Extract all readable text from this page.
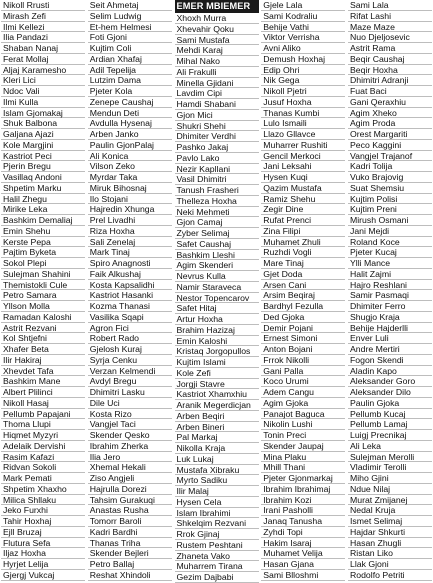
Nikoll Rrusti
Mirash Zefi
Ilmi Kellezi
Ilia Pandazi
Shaban Nanaj
Ferat Mollaj
Aljaj Karamesho
Kleri Lici
Ndoc Vali
Ilmi Kulla
Islam Gjomakaj
Shuk Balbona
Galjana Ajazi
Kole Margjini
Kastriot Peci
Pjerin Bregu
Vasillaq Andoni
Shpetim Marku
Halil Zhegu
Mirike Leka
Bashkim Demaliaj
Emin Shehu
Kerste Pepa
Pajtim Byketa
Sokol Plepi
Sulejman Shahini
Themistokli Cule
Petro Samara
Yllson Molla
Ramadan Kaloshi
Astrit Rezvani
Kol Shtjefni
Xhafer Beta
Ilir Hakiraj
Xhevdet Tafa
Bashkim Mane
Albert Plilinci
Nikoll Hasaj
Pellumb Papajani
Thoma Llupi
Hiqmet Myzyri
Adelaik Dervishi
Rasim Kafazi
Ridvan Sokoli
Mark Pemati
Shpetim Xhaxho
Milica Shllaku
Jeko Furxhi
Tahir Hoxhaj
Ejll Bruzaj
Flutura Sefa
Iljaz Hoxha
Hyrjet Lelija
Gjergj Vukcaj
Seit Ahmetaj
Selim Ludwig
Et-hem Helmesi
Foti Gjoni
Kujtim Coli
Ardian Xhafaj
Adil Tepelija
Lutzim Dama
Pjeter Kola
Zenepe Caushaj
Mendun Deti
Avdulla Hysenaj
Arben Janko
Paulin GjonPalaj
Ali Konica
Vilson Zeko
Myrdar Taka
Miruk Bihosnaj
Ilo Stojani
Hajredin Xhunga
Prel Livadhi
Riza Hoxha
Sali Zenelaj
Mark Tinaj
Spiro Anagnosti
Faik Alkushaj
Kosta Kapsalidhi
Kastriot Hasanki
Kozma Thanasi
Vasilika Sqapi
Agron Fici
Robert Rado
Gjelosh Kuraj
Syrja Cenku
Verzan Kelmendi
Avdyl Bregu
Dhimitri Lasku
Dile Uci
Kosta Rizo
Vangjel Taci
Skender Qesko
Ibrahim Zherka
Ilia Jero
Xhemal Hekali
Ziso Angjeli
Hajrulla Dorezi
Tahsim Gurakuqi
Anastas Rusha
Tomorr Baroli
Kadri Bardhi
Thanas Triha
Skender Bejleri
Petro Ballaj
Reshat Xhindoli
EMER MBIEMER
Xhoxh Murra
Xhevahir Qoku
Sami Mustafa
Mehdi Karaj
Mihal Nako
Ali Frakulli
Minella Gjidani
Lavdim Cipi
Hamdi Shabani
Gjon Mici
Shukri Shehi
Dhimiter Verdhi
Pashko Jakaj
Pavlo Lako
Nezir Kapllani
Vasil Dhimitri
Tanush Frasheri
Thelleza Hoxha
Neki Mehmeti
Gjon Camaj
Zyber Selimaj
Safet Caushaj
Bashkim Lleshi
Agim Skenderi
Nevrus Kulla
Namir Staraveca
Nestor Topencarov
Safet Hitaj
Artur Hoxha
Brahim Hazizaj
Emin Kaloshi
Kristaq Jorgopullos
Kujtim Islami
Kole Zefi
Jorgji Stavre
Kastriot Xhamxhiu
Aranik Megerdicjan
Arben Beqiri
Arben Bineri
Pal Markaj
Nikolla Kraja
Luk Lukaj
Mustafa Xibraku
Myrto Sadiku
Ilir Malaj
Hysen Cela
Islam Ibrahimi
Shkelqim Rezvani
Rrok Gjinaj
Rustem Peshtani
Zhaneta Vako
Muharrem Tirana
Gezim Dajbabi
Gjele Lala
Sami Kodraliu
Behije Vathi
Viktor Verrisha
Avni Aliko
Demush Hoxhaj
Edip Ohri
Nik Gega
Nikoll Pjetri
Jusuf Hoxha
Thanas Kumbi
Lulo Ismaili
Llazo Gllavce
Muharrer Rushiti
Gencil Merkoci
Jani Leksahi
Hysen Kuqi
Qazim Mustafa
Ramiz Shehu
Zegir Dine
Rufat Prenci
Zina Filipi
Muhamet Zhuli
Ruzhdi Vogli
Mare Tinaj
Gjet Doda
Arsen Cani
Arsim Beqiraj
Bardhyl Fezulla
Ded Gjoka
Demir Pojani
Ernest Simoni
Anton Bojani
Frrok Nikolli
Gani Palla
Koco Urumi
Adem Cangu
Agim Gjoka
Panajot Baguca
Nikolin Lushi
Tonin Preci
Skender Jaupaj
Mina Plaku
Mhill Thani
Pjeter Gjonmarkaj
Ibrahim Ibrahimaj
Ibrahim Kozi
Irani Pasholli
Janaq Tanusha
Zyhdi Topi
Hakim Isaraj
Muhamet Velija
Hasan Gjana
Sami Blloshmi
Sami Lala
Rifat Lashi
Maze Maze
Nuo Djeljosevic
Astrit Rama
Beqir Caushaj
Beqir Hoxha
Dhimitri Adranji
Fuat Baci
Gani Qeraxhiu
Agim Xheko
Agim Proda
Orest Margariti
Peco Kaggini
Vangjel Trajanof
Kadri Tolija
Vuko Brajovig
Suat Shemsiu
Kujtim Polisi
Kujtim Preni
Mirush Osmani
Jani Mejdi
Roland Koce
Pjeter Kucaj
Ylli Mance
Halit Zajmi
Hajro Reshlani
Samir Pasmaqi
Dhimiter Ferro
Shugjo Kraja
Behije Hajderlli
Enver Luli
Andre Mertiri
Fogon Skendi
Aladin Kapo
Aleksander Goro
Aleksander Dilo
Paulin Gjoka
Pellumb Kucaj
Pellumb Lamaj
Luigj Precnikaj
Ali Leka
Sulejman Merolli
Vladimir Terolli
Miho Gjini
Ndue Nilaj
Murat Zmijanej
Nedal Kruja
Ismet Selimaj
Hajdar Shkurti
Hasan Zhugli
Ristan Liko
Llak Gjoni
Rodolfo Petriti
